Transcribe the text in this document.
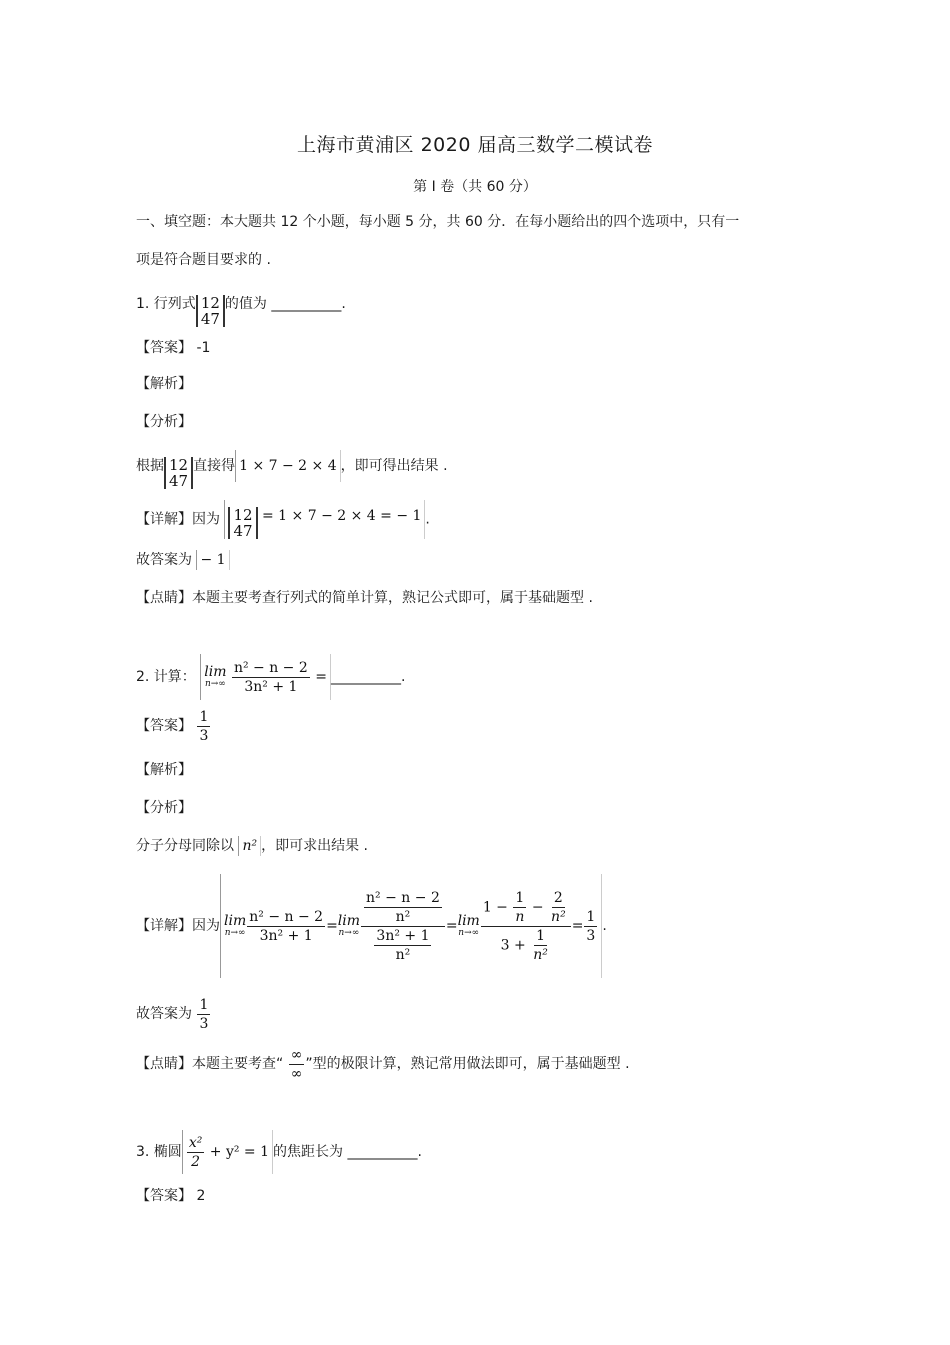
上海市黄浦区 2020 届高三数学二模试卷
第 I 卷（共 60 分）
一、填空题：本大题共 12 个小题，每小题 5 分，共 60 分．在每小题给出的四个选项中，只有一
项是符合题目要求的 .
1. 行列式 12
47
的值为 __________.
【答案】 -1
【解析】
【分析】
根据 12
47
直接得 1 × 7 − 2 × 4 ，即可得出结果 .
【详解】因为 12
47
= 1 × 7 − 2 × 4 = − 1 .
故答案为 − 1
【点睛】本题主要考查行列式的简单计算，熟记公式即可，属于基础题型 .
2. 计算： lim
n→∞
$\frac{\text{n² − n − 2}}{\text{3n² + 1}}$ =__________.
【答案】 $\frac{1}{3}$
【解析】
【分析】
分子分母同除以 n² ，即可求出结果 .
【详解】因为 lim
$n\to\infty \frac{\text{n² − n − 2}}{\text{3n² + 1}} = \lim$
$n\to\infty \frac{\frac{\text{n² − n − 2}}{\text{n²}}}{\frac{\text{3n² + 1}}{\text{n²}}} = \lim$
$n\to\infty \frac{1 - \frac{1}{n} - \frac{2}{\text{n²}}}{3 + \frac{1}{\text{n²}}} = \frac{1}{3}$ .
故答案为 $\frac{1}{3}$
【点睛】本题主要考查“ $\frac{\infty}{\infty}$ ”型的极限计算，熟记常用做法即可，属于基础题型 .
3. 椭圆 $\frac{\text{x²}}{2} + y^2 = 1$ 的焦距长为 __________.
【答案】 2
